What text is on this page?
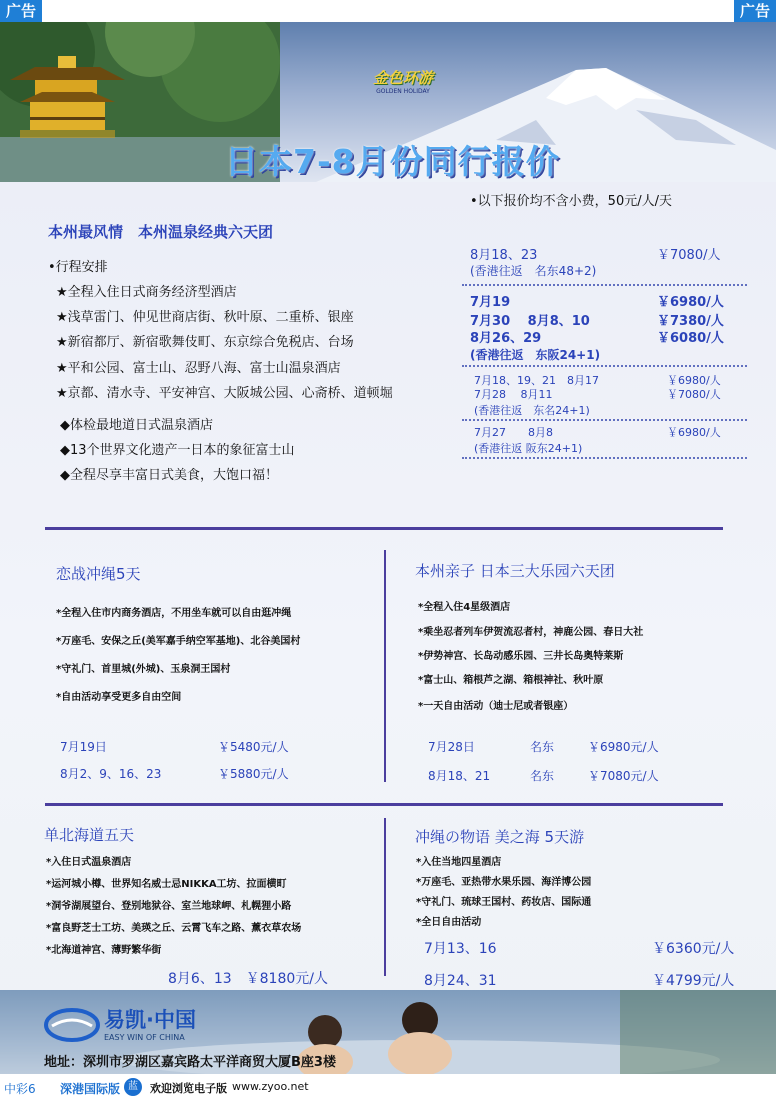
广告	广告
金色环游
GOLDEN HOLIDAY
日本7-8月份同行报价
•以下报价均不含小费，50元/人/天
本州最风情　本州温泉经典六天团
•行程安排
★全程入住日式商务经济型酒店
★浅草雷门、仲见世商店街、秋叶原、二重桥、银座
★新宿都厅、新宿歌舞伎町、东京综合免税店、台场
★平和公园、富士山、忍野八海、富士山温泉酒店
★京都、清水寺、平安神宫、大阪城公园、心斋桥、道顿堀
◆体检最地道日式温泉酒店
◆13个世界文化遗产一日本的象征富士山
◆全程尽享丰富日式美食，大饱口福！
8月18、23	￥7080/人
(香港往返　名东48+2)
7月19	￥6980/人
7月30　 8月8、10	￥7380/人
8月26、29	￥6080/人
(香港往返　东阪24+1)
7月18、19、21　8月17	￥6980/人
7月28　 8月11	￥7080/人
(香港往返　东名24+1)
7月27　　8月8	￥6980/人
(香港往返 阪东24+1)
恋战冲绳5天
*全程入住市内商务酒店，不用坐车就可以自由逛冲绳
*万座毛、安保之丘(美军嘉手纳空军基地)、北谷美国村
*守礼门、首里城(外城)、玉泉洞王国村
*自由活动享受更多自由空间
7月19日	￥5480元/人
8月2、9、16、23	￥5880元/人
本州亲子 日本三大乐园六天团
*全程入住4星级酒店
*乘坐忍者列车伊贺流忍者村，神鹿公园、春日大社
*伊势神宫、长岛动感乐园、三井长岛奥特莱斯
*富士山、箱根芦之湖、箱根神社、秋叶原
*一天自由活动（迪士尼或者银座）
7月28日	名东	￥6980元/人
8月18、21	名东	￥7080元/人
单北海道五天
*入住日式温泉酒店
*运河城小樽、世界知名威士忌NIKKA工坊、拉面横町
*洞爷湖展望台、登别地狱谷、室兰地球岬、札幌狸小路
*富良野芝士工坊、美瑛之丘、云霄飞车之路、薰衣草农场
*北海道神宫、薄野繁华街
8月6、13　￥8180元/人
冲绳の物语 美之海 5天游
*入住当地四星酒店
*万座毛、亚热带水果乐园、海洋博公园
*守礼门、琉球王国村、药妆店、国际通
*全日自由活动
7月13、16	￥6360元/人
8月24、31	￥4799元/人
易凯·中国
EASY WIN OF CHINA
地址：深圳市罗湖区嘉宾路太平洋商贸大厦B座3楼
中彩6 深港国际版 蓝	欢迎浏览电子版 www.zyoo.net
